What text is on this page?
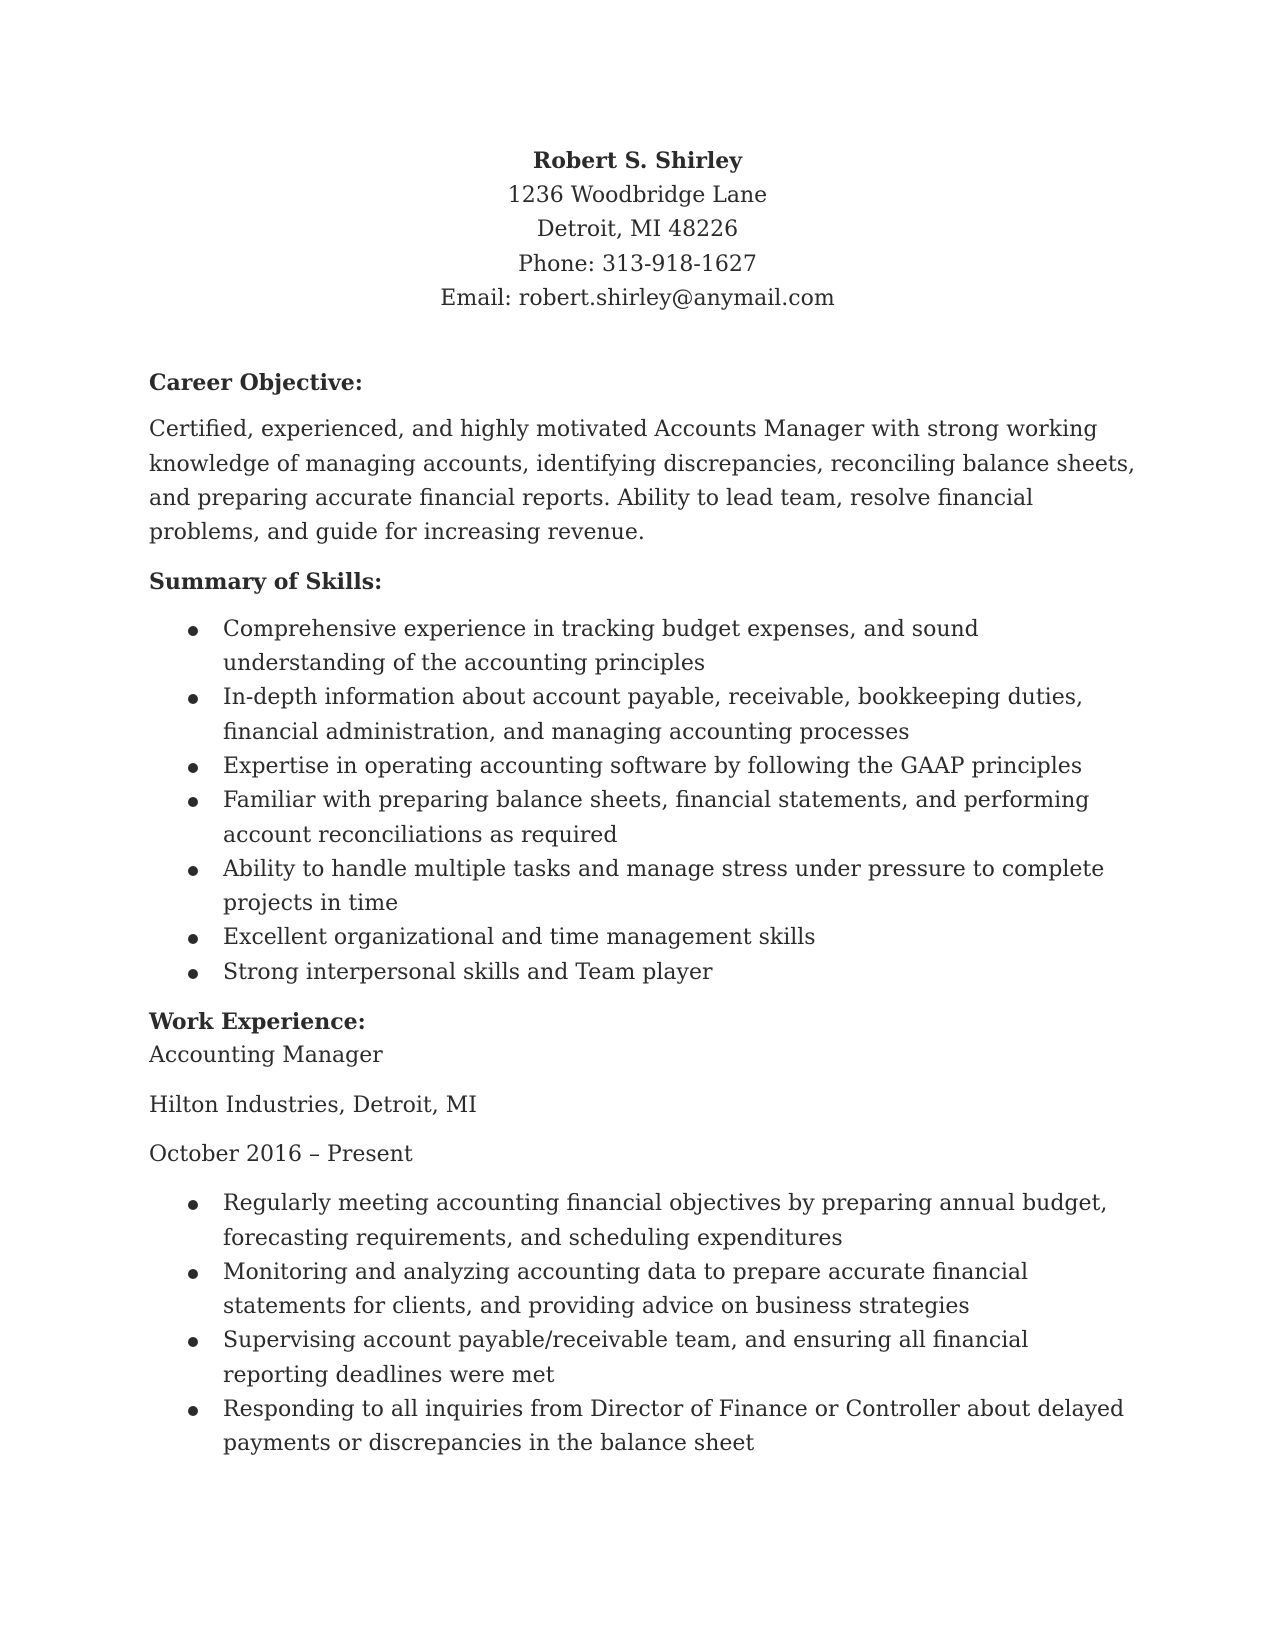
Robert S. Shirley
1236 Woodbridge Lane
Detroit, MI 48226
Phone: 313-918-1627
Email: robert.shirley@anymail.com
Career Objective:
Certified, experienced, and highly motivated Accounts Manager with strong working knowledge of managing accounts, identifying discrepancies, reconciling balance sheets, and preparing accurate financial reports. Ability to lead team, resolve financial problems, and guide for increasing revenue.
Summary of Skills:
Comprehensive experience in tracking budget expenses, and sound understanding of the accounting principles
In-depth information about account payable, receivable, bookkeeping duties, financial administration, and managing accounting processes
Expertise in operating accounting software by following the GAAP principles
Familiar with preparing balance sheets, financial statements, and performing account reconciliations as required
Ability to handle multiple tasks and manage stress under pressure to complete projects in time
Excellent organizational and time management skills
Strong interpersonal skills and Team player
Work Experience:
Accounting Manager
Hilton Industries, Detroit, MI
October 2016 – Present
Regularly meeting accounting financial objectives by preparing annual budget, forecasting requirements, and scheduling expenditures
Monitoring and analyzing accounting data to prepare accurate financial statements for clients, and providing advice on business strategies
Supervising account payable/receivable team, and ensuring all financial reporting deadlines were met
Responding to all inquiries from Director of Finance or Controller about delayed payments or discrepancies in the balance sheet
